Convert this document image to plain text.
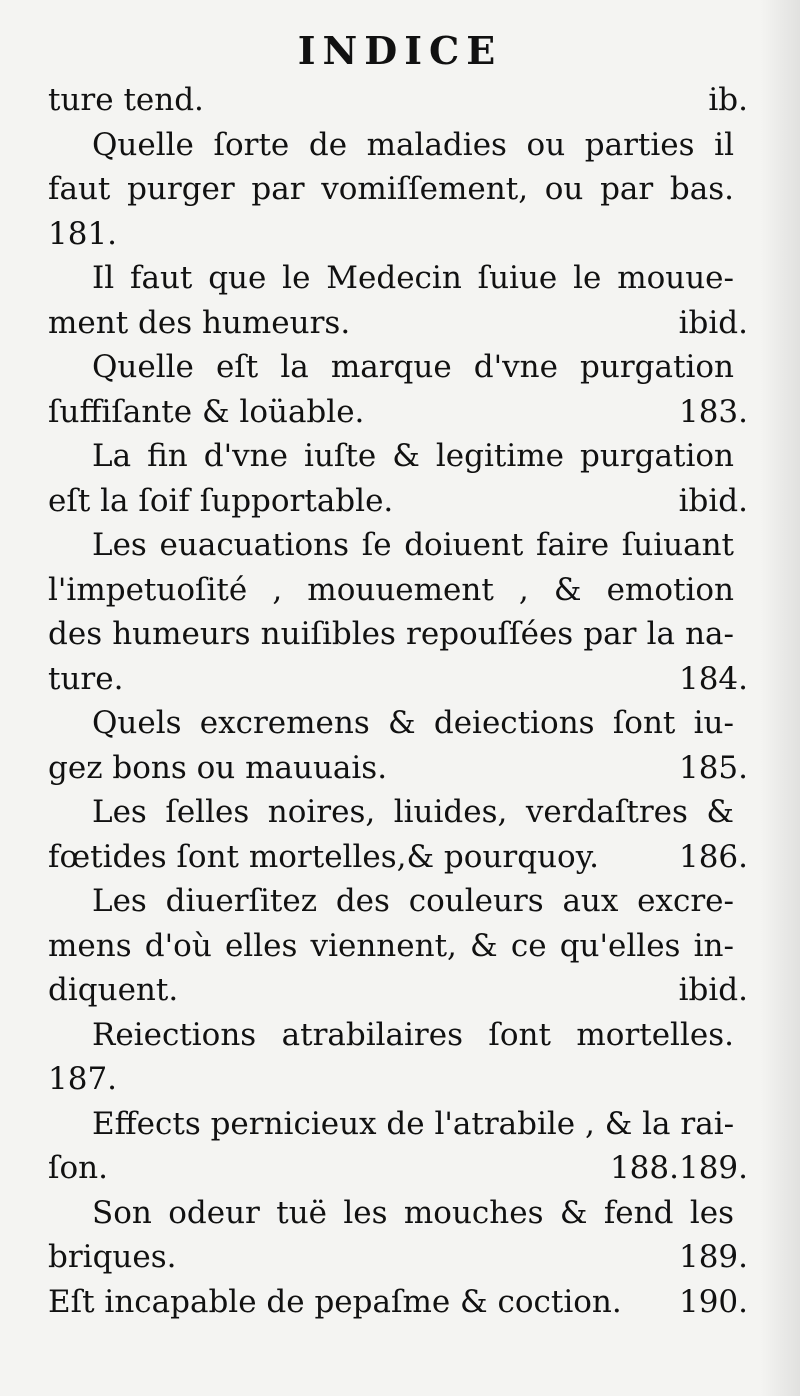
INDICE
ture tend.	ib.
Quelle ſorte de maladies ou parties il
faut purger par vomiſſement, ou par bas.
181.
Il faut que le Medecin ſuiue le mouue-
ment des humeurs.	ibid.
Quelle eſt la marque d'vne purgation
ſuffiſante & loüable.	183.
La fin d'vne iuſte & legitime purgation
eſt la ſoif ſupportable.	ibid.
Les euacuations ſe doiuent faire ſuiuant
l'impetuoſité , mouuement , & emotion
des humeurs nuiſibles repouſſées par la na-
ture.	184.
Quels excremens & deiections ſont iu-
gez bons ou mauuais.	185.
Les ſelles noires, liuides, verdaſtres &
fœtides ſont mortelles,& pourquoy.	186.
Les diuerſitez des couleurs aux excre-
mens d'où elles viennent, & ce qu'elles in-
diquent.	ibid.
Reiections atrabilaires ſont mortelles.
187.
Effects pernicieux de l'atrabile , & la rai-
ſon.	188.189.
Son odeur tuë les mouches & fend les
briques.	189.
Eſt incapable de pepaſme & coction.	190.
